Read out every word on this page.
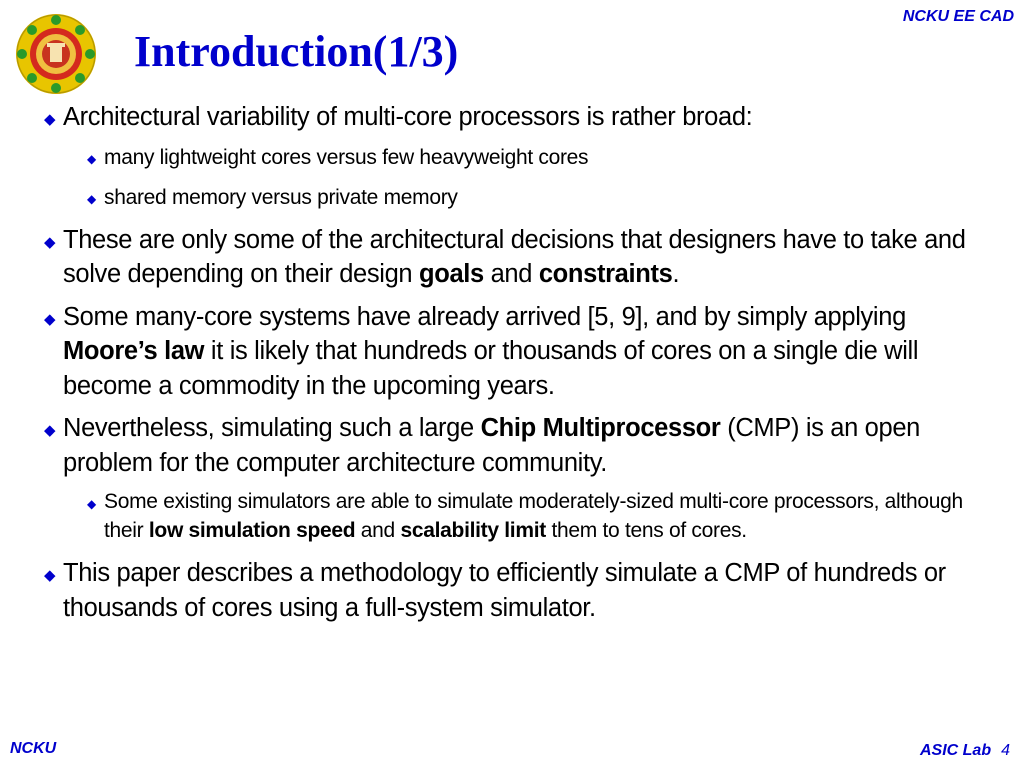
NCKU EE CAD
Introduction(1/3)
◆ Architectural variability of multi-core processors is rather broad:
◆ many lightweight cores versus few heavyweight cores
◆ shared memory versus private memory
◆ These are only some of the architectural decisions that designers have to take and solve depending on their design goals and constraints.
◆ Some many-core systems have already arrived [5, 9], and by simply applying Moore’s law it is likely that hundreds or thousands of cores on a single die will become a commodity in the upcoming years.
◆ Nevertheless, simulating such a large Chip Multiprocessor (CMP) is an open problem for the computer architecture community.
◆ Some existing simulators are able to simulate moderately-sized multi-core processors, although their low simulation speed and scalability limit them to tens of cores.
◆ This paper describes a methodology to efficiently simulate a CMP of hundreds or thousands of cores using a full-system simulator.
NCKU	ASIC Lab 4
